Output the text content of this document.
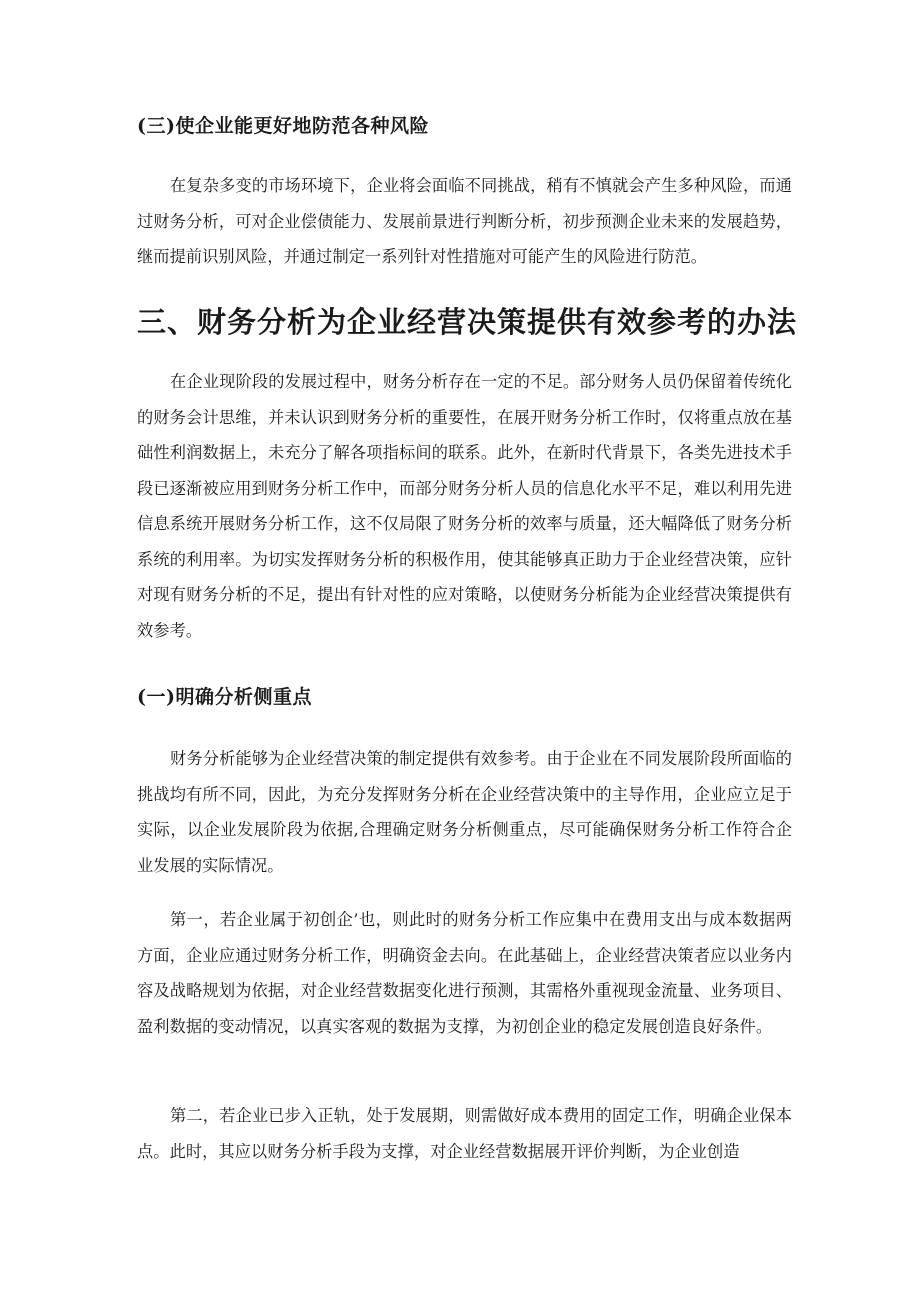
(三)使企业能更好地防范各种风险

在复杂多变的市场环境下，企业将会面临不同挑战，稍有不慎就会产生多种风险，而通过财务分析，可对企业偿债能力、发展前景进行判断分析，初步预测企业未来的发展趋势，继而提前识别风险，并通过制定一系列针对性措施对可能产生的风险进行防范。

三、财务分析为企业经营决策提供有效参考的办法

在企业现阶段的发展过程中，财务分析存在一定的不足。部分财务人员仍保留着传统化的财务会计思维，并未认识到财务分析的重要性，在展开财务分析工作时，仅将重点放在基础性利润数据上，未充分了解各项指标间的联系。此外，在新时代背景下，各类先进技术手段已逐渐被应用到财务分析工作中，而部分财务分析人员的信息化水平不足，难以利用先进信息系统开展财务分析工作，这不仅局限了财务分析的效率与质量，还大幅降低了财务分析系统的利用率。为切实发挥财务分析的积极作用，使其能够真正助力于企业经营决策，应针对现有财务分析的不足，提出有针对性的应对策略，以使财务分析能为企业经营决策提供有效参考。

(一)明确分析侧重点

财务分析能够为企业经营决策的制定提供有效参考。由于企业在不同发展阶段所面临的挑战均有所不同，因此，为充分发挥财务分析在企业经营决策中的主导作用，企业应立足于实际，以企业发展阶段为依据,合理确定财务分析侧重点，尽可能确保财务分析工作符合企业发展的实际情况。

第一，若企业属于初创企’也，则此时的财务分析工作应集中在费用支出与成本数据两方面，企业应通过财务分析工作，明确资金去向。在此基础上，企业经营决策者应以业务内容及战略规划为依据，对企业经营数据变化进行预测，其需格外重视现金流量、业务项目、盈利数据的变动情况，以真实客观的数据为支撑，为初创企业的稳定发展创造良好条件。

第二，若企业已步入正轨，处于发展期，则需做好成本费用的固定工作，明确企业保本点。此时，其应以财务分析手段为支撑，对企业经营数据展开评价判断，为企业创造
